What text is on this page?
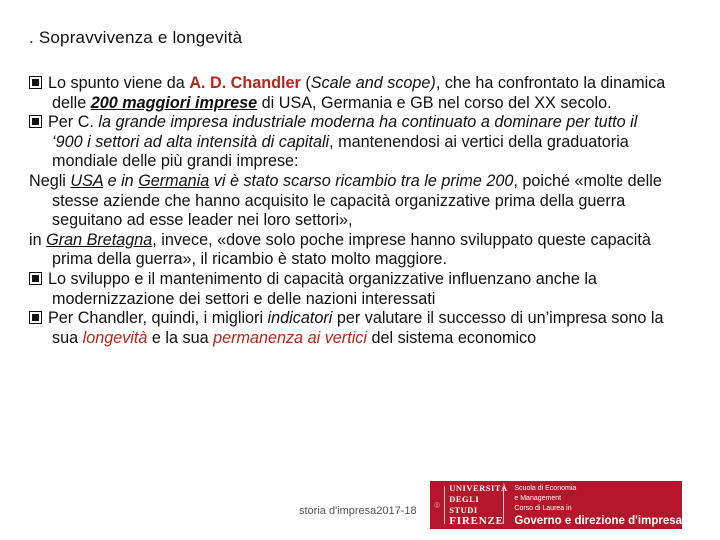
. Sopravvivenza e longevità

Lo spunto viene da A. D. Chandler (Scale and scope), che ha confrontato la dinamica delle 200 maggiori imprese di USA, Germania e GB nel corso del XX secolo.

Per C. la grande impresa industriale moderna ha continuato a dominare per tutto il ‘900 i settori ad alta intensità di capitali, mantenendosi ai vertici della graduatoria mondiale delle più grandi imprese:

Negli USA e in Germania vi è stato scarso ricambio tra le prime 200, poiché «molte delle stesse aziende che hanno acquisito le capacità organizzative prima della guerra seguitano ad esse leader nei loro settori»,

in Gran Bretagna, invece, «dove solo poche imprese hanno sviluppato queste capacità prima della guerra», il ricambio è stato molto maggiore.

Lo sviluppo e il mantenimento di capacità organizzative influenzano anche la modernizzazione dei settori e delle nazioni interessati

Per Chandler, quindi, i migliori indicatori per valutare il successo di un’impresa sono la sua longevità e la sua permanenza ai vertici del sistema economico

storia d'impresa2017-18
UNIVERSITÀ
DEGLI STUDI
FIRENZE
Scuola di Economia
e Management
Corso di Laurea in
Governo e direzione d'impresa
